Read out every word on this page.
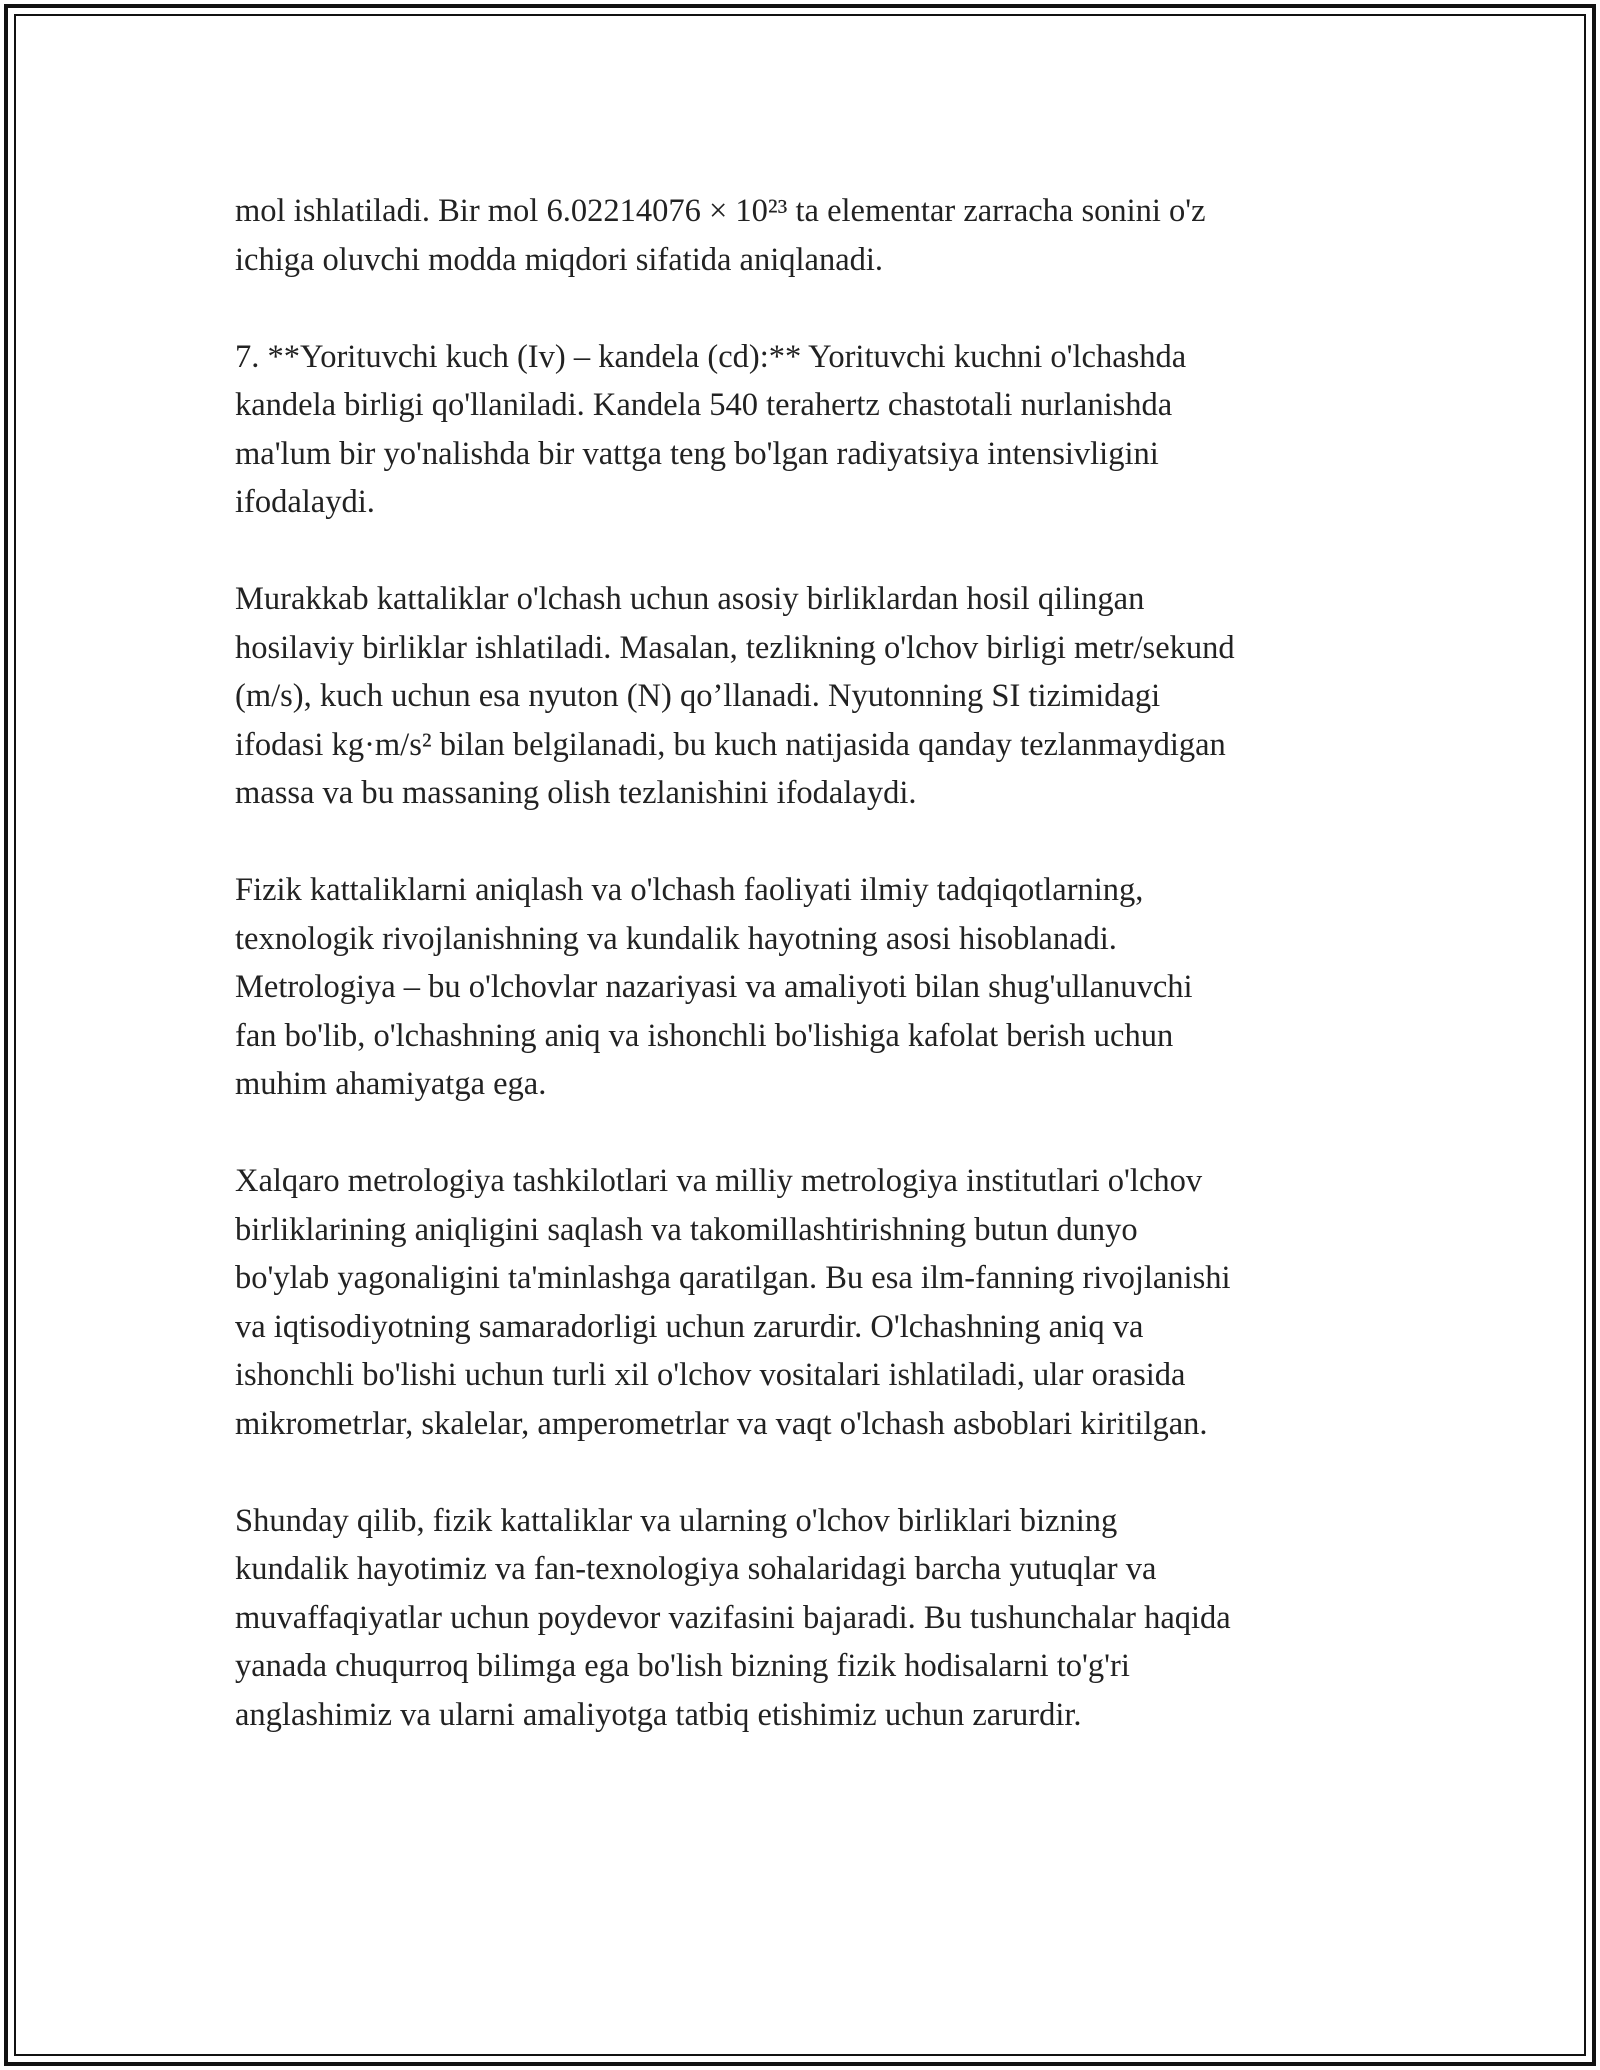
mol ishlatiladi. Bir mol 6.02214076 × 10²³ ta elementar zarracha sonini o'z
ichiga oluvchi modda miqdori sifatida aniqlanadi.

7. **Yorituvchi kuch (Iv) – kandela (cd):** Yorituvchi kuchni o'lchashda
kandela birligi qo'llaniladi. Kandela 540 terahertz chastotali nurlanishda
ma'lum bir yo'nalishda bir vattga teng bo'lgan radiyatsiya intensivligini
ifodalaydi.

Murakkab kattaliklar o'lchash uchun asosiy birliklardan hosil qilingan
hosilaviy birliklar ishlatiladi. Masalan, tezlikning o'lchov birligi metr/sekund
(m/s), kuch uchun esa nyuton (N) qo’llanadi. Nyutonning SI tizimidagi
ifodasi kg·m/s² bilan belgilanadi, bu kuch natijasida qanday tezlanmaydigan
massa va bu massaning olish tezlanishini ifodalaydi.

Fizik kattaliklarni aniqlash va o'lchash faoliyati ilmiy tadqiqotlarning,
texnologik rivojlanishning va kundalik hayotning asosi hisoblanadi.
Metrologiya – bu o'lchovlar nazariyasi va amaliyoti bilan shug'ullanuvchi
fan bo'lib, o'lchashning aniq va ishonchli bo'lishiga kafolat berish uchun
muhim ahamiyatga ega.

Xalqaro metrologiya tashkilotlari va milliy metrologiya institutlari o'lchov
birliklarining aniqligini saqlash va takomillashtirishning butun dunyo
bo'ylab yagonaligini ta'minlashga qaratilgan. Bu esa ilm-fanning rivojlanishi
va iqtisodiyotning samaradorligi uchun zarurdir. O'lchashning aniq va
ishonchli bo'lishi uchun turli xil o'lchov vositalari ishlatiladi, ular orasida
mikrometrlar, skalelar, amperometrlar va vaqt o'lchash asboblari kiritilgan.

Shunday qilib, fizik kattaliklar va ularning o'lchov birliklari bizning
kundalik hayotimiz va fan-texnologiya sohalaridagi barcha yutuqlar va
muvaffaqiyatlar uchun poydevor vazifasini bajaradi. Bu tushunchalar haqida
yanada chuqurroq bilimga ega bo'lish bizning fizik hodisalarni to'g'ri
anglashimiz va ularni amaliyotga tatbiq etishimiz uchun zarurdir.
